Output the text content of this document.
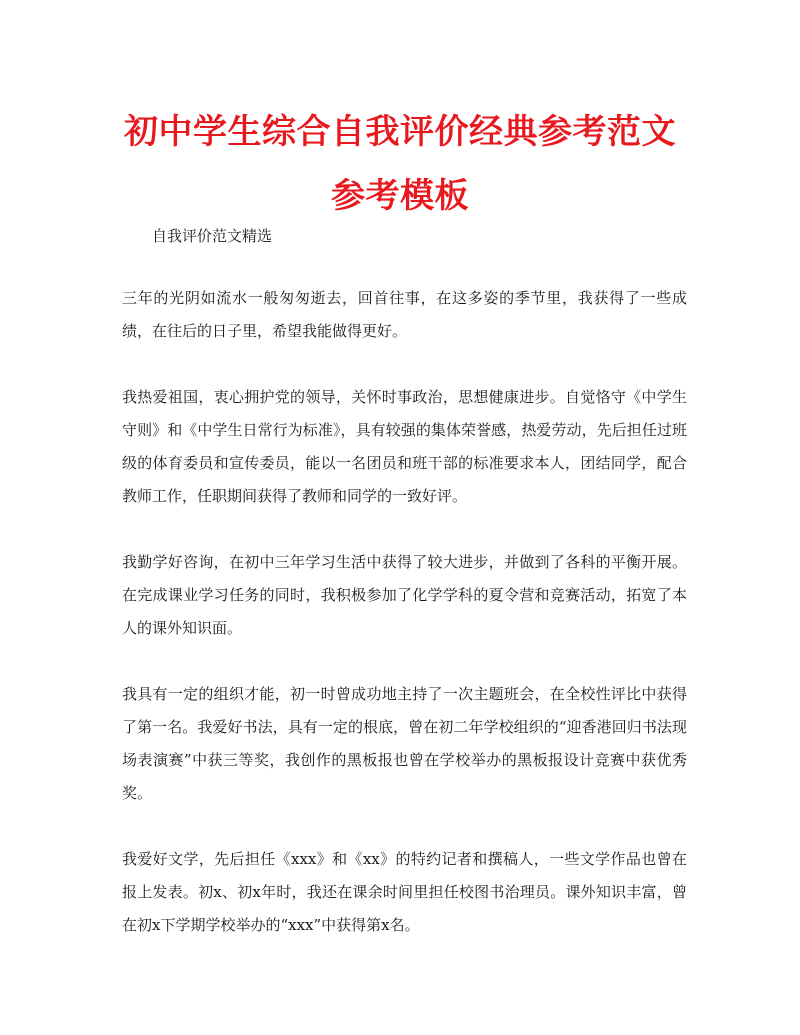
初中学生综合自我评价经典参考范文参考模板
自我评价范文精选

三年的光阴如流水一般匆匆逝去，回首往事，在这多姿的季节里，我获得了一些成绩，在往后的日子里，希望我能做得更好。

我热爱祖国，衷心拥护党的领导，关怀时事政治，思想健康进步。自觉恪守《中学生守则》和《中学生日常行为标准》，具有较强的集体荣誉感，热爱劳动，先后担任过班级的体育委员和宣传委员，能以一名团员和班干部的标准要求本人，团结同学，配合教师工作，任职期间获得了教师和同学的一致好评。

我勤学好咨询，在初中三年学习生活中获得了较大进步，并做到了各科的平衡开展。在完成课业学习任务的同时，我积极参加了化学学科的夏令营和竞赛活动，拓宽了本人的课外知识面。

我具有一定的组织才能，初一时曾成功地主持了一次主题班会，在全校性评比中获得了第一名。我爱好书法，具有一定的根底，曾在初二年学校组织的“迎香港回归书法现场表演赛”中获三等奖，我创作的黑板报也曾在学校举办的黑板报设计竞赛中获优秀奖。

我爱好文学，先后担任《xxx》和《xx》的特约记者和撰稿人，一些文学作品也曾在报上发表。初x、初x年时，我还在课余时间里担任校图书治理员。课外知识丰富，曾在初x下学期学校举办的“xxx”中获得第x名。
